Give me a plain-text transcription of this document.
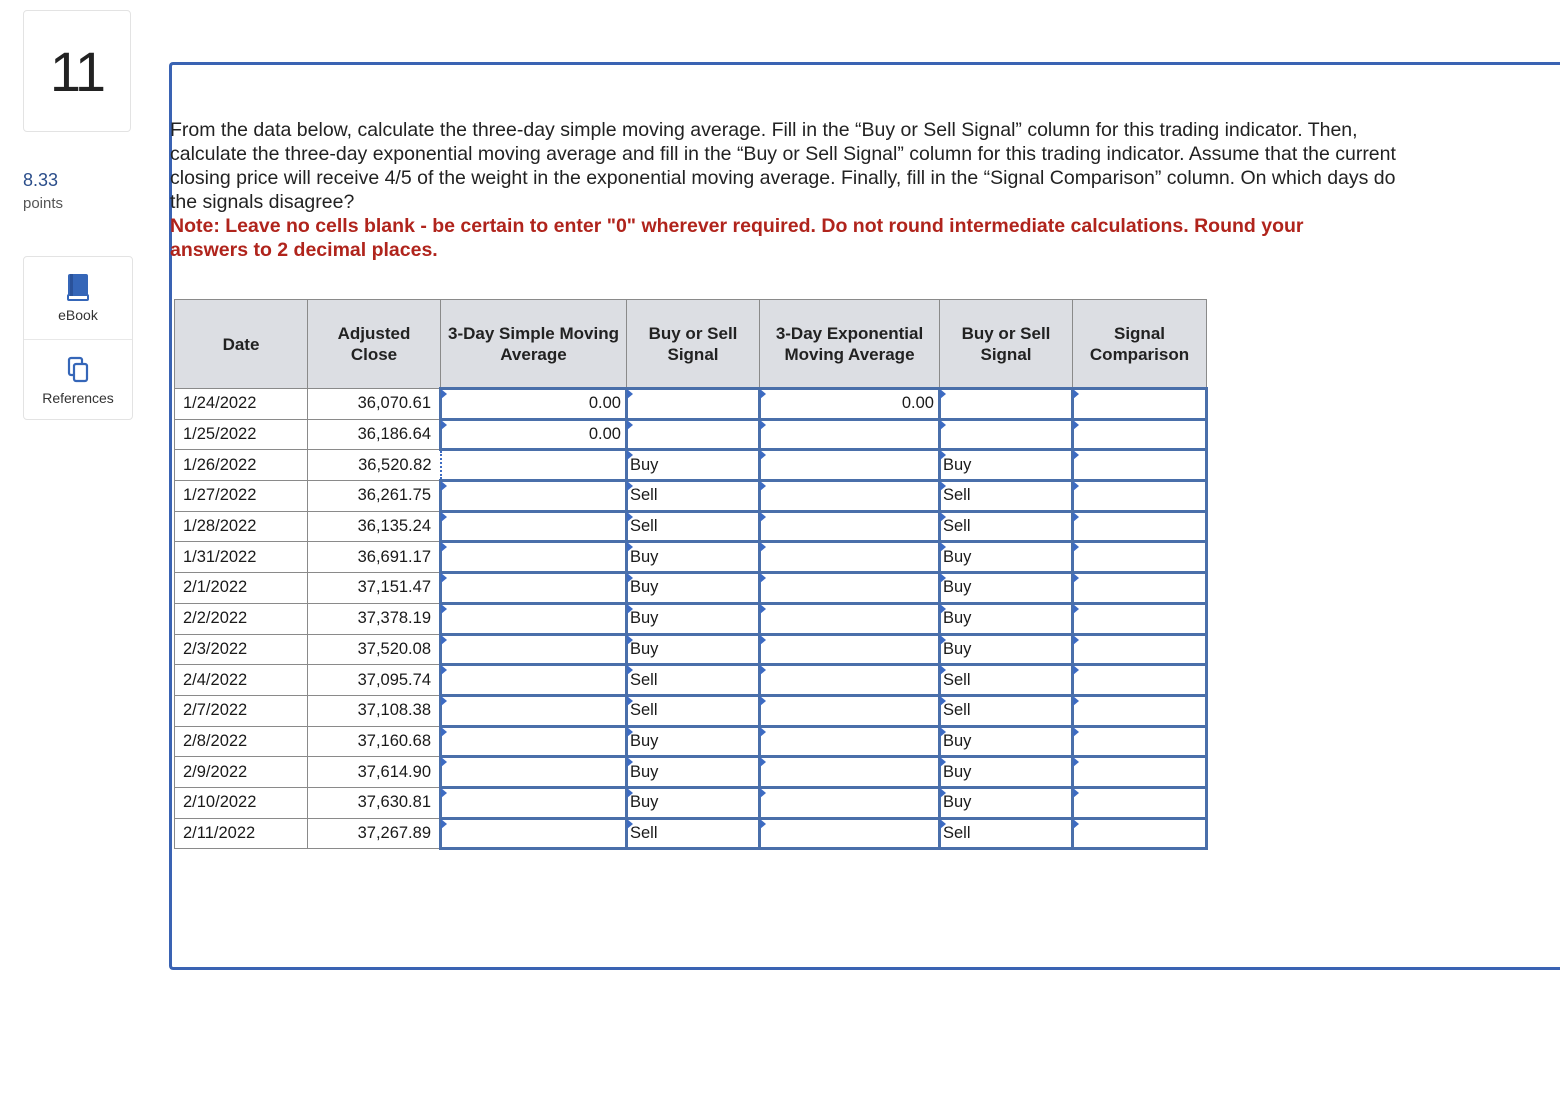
11
8.33
points
eBook
References
From the data below, calculate the three-day simple moving average. Fill in the “Buy or Sell Signal” column for this trading indicator. Then, calculate the three-day exponential moving average and fill in the “Buy or Sell Signal” column for this trading indicator. Assume that the current closing price will receive 4/5 of the weight in the exponential moving average. Finally, fill in the “Signal Comparison” column. On which days do the signals disagree?
Note: Leave no cells blank - be certain to enter "0" wherever required. Do not round intermediate calculations. Round your answers to 2 decimal places.
Date	Adjusted Close	3-Day Simple Moving Average	Buy or Sell Signal	3-Day Exponential Moving Average	Buy or Sell Signal	Signal Comparison

1/24/2022	36,070.61	0.00		0.00		

1/25/2022	36,186.64	0.00				

1/26/2022	36,520.82		Buy		Buy	

1/27/2022	36,261.75		Sell		Sell	

1/28/2022	36,135.24		Sell		Sell	

1/31/2022	36,691.17		Buy		Buy	

2/1/2022	37,151.47		Buy		Buy	

2/2/2022	37,378.19		Buy		Buy	

2/3/2022	37,520.08		Buy		Buy	

2/4/2022	37,095.74		Sell		Sell	

2/7/2022	37,108.38		Sell		Sell	

2/8/2022	37,160.68		Buy		Buy	

2/9/2022	37,614.90		Buy		Buy	

2/10/2022	37,630.81		Buy		Buy	

2/11/2022	37,267.89		Sell		Sell	
